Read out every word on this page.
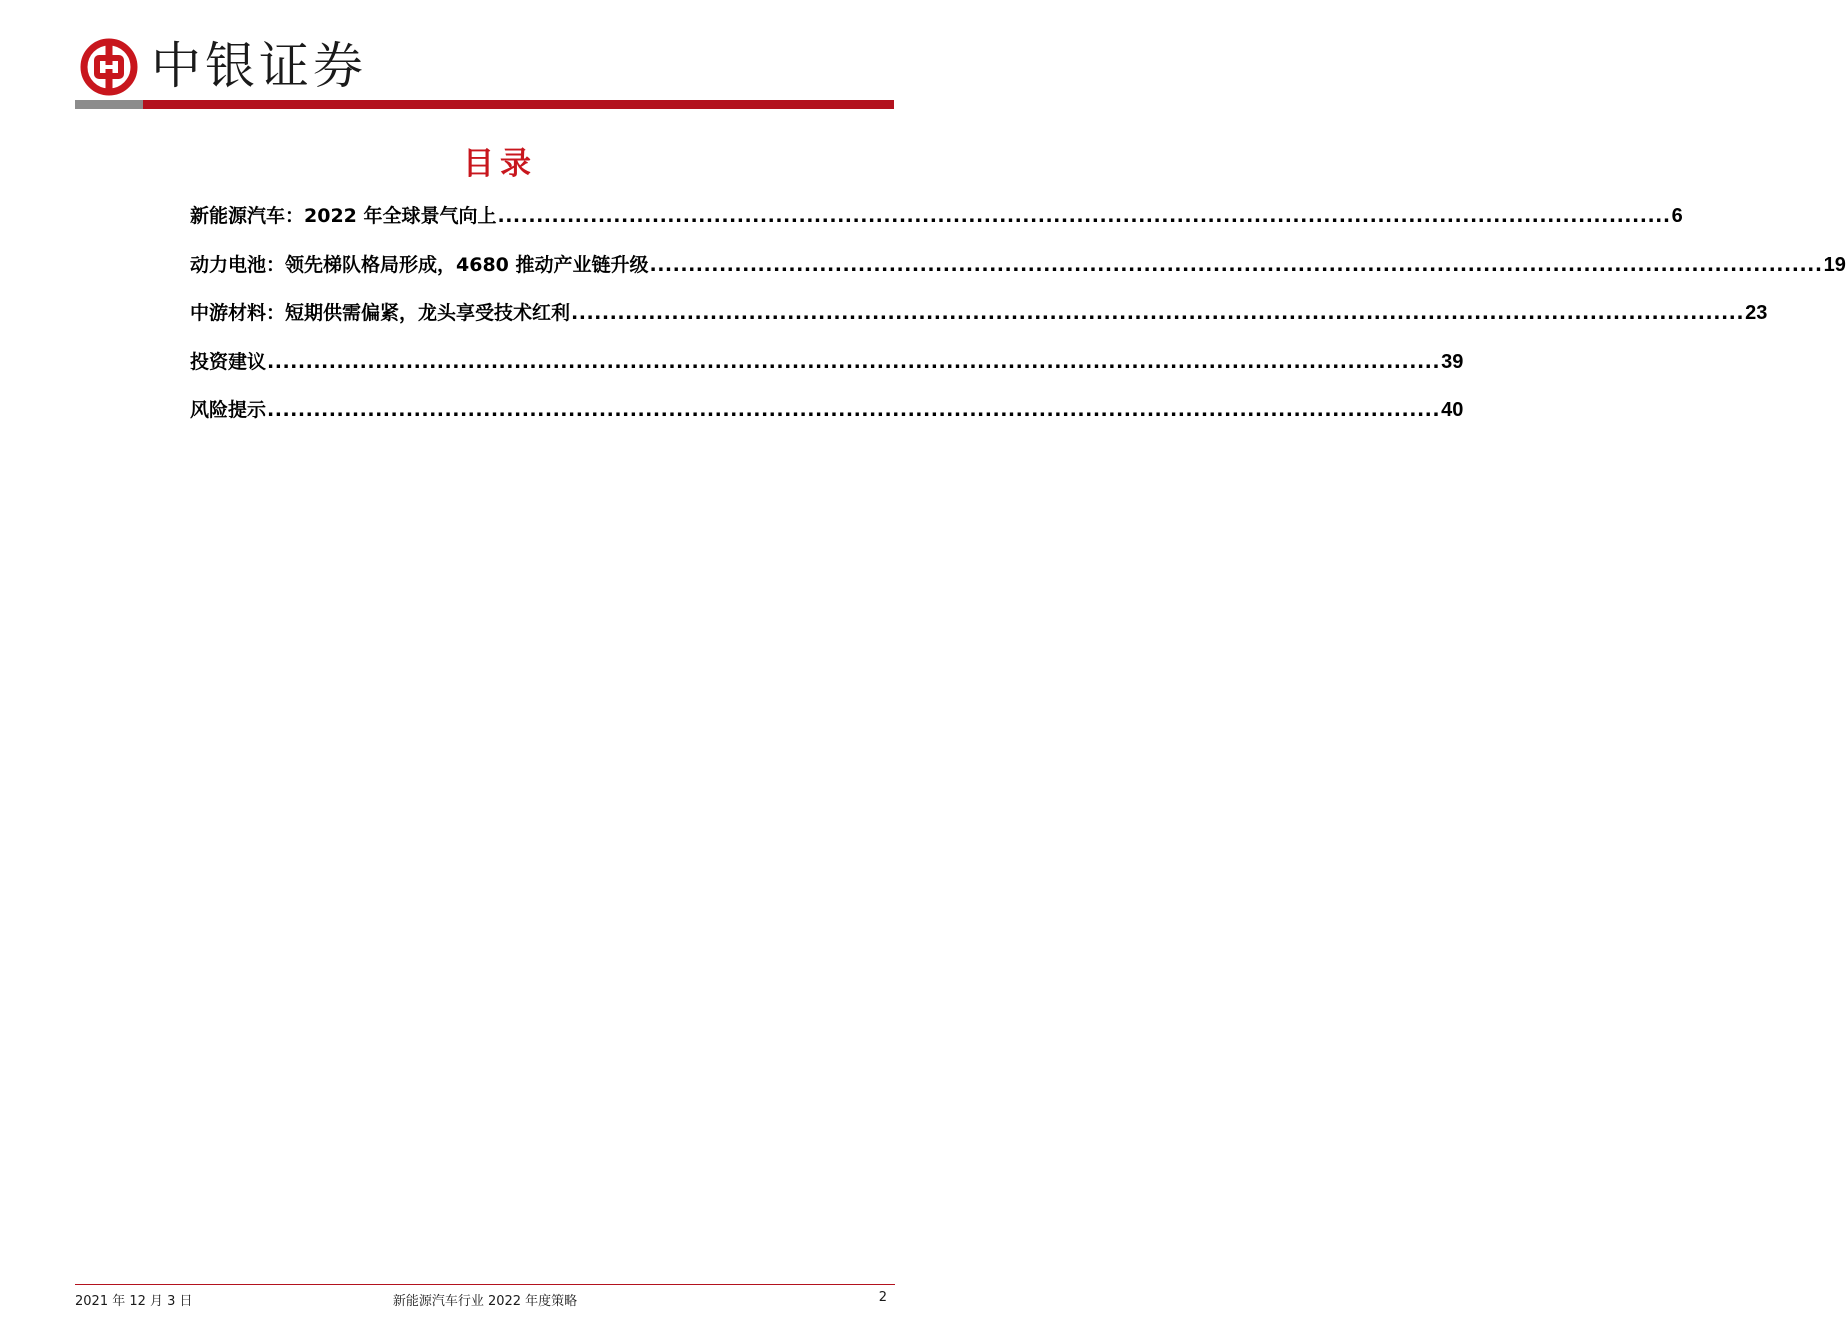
中银证券
目录
新能源汽车：2022 年全球景气向上 ........................................................................................................................................................ 6
动力电池：领先梯队格局形成，4680 推动产业链升级 ........................................................................................................................................................ 19
中游材料：短期供需偏紧，龙头享受技术红利 ........................................................................................................................................................ 23
投资建议 ........................................................................................................................................................ 39
风险提示 ........................................................................................................................................................ 40
2021 年 12 月 3 日	新能源汽车行业 2022 年度策略	2
